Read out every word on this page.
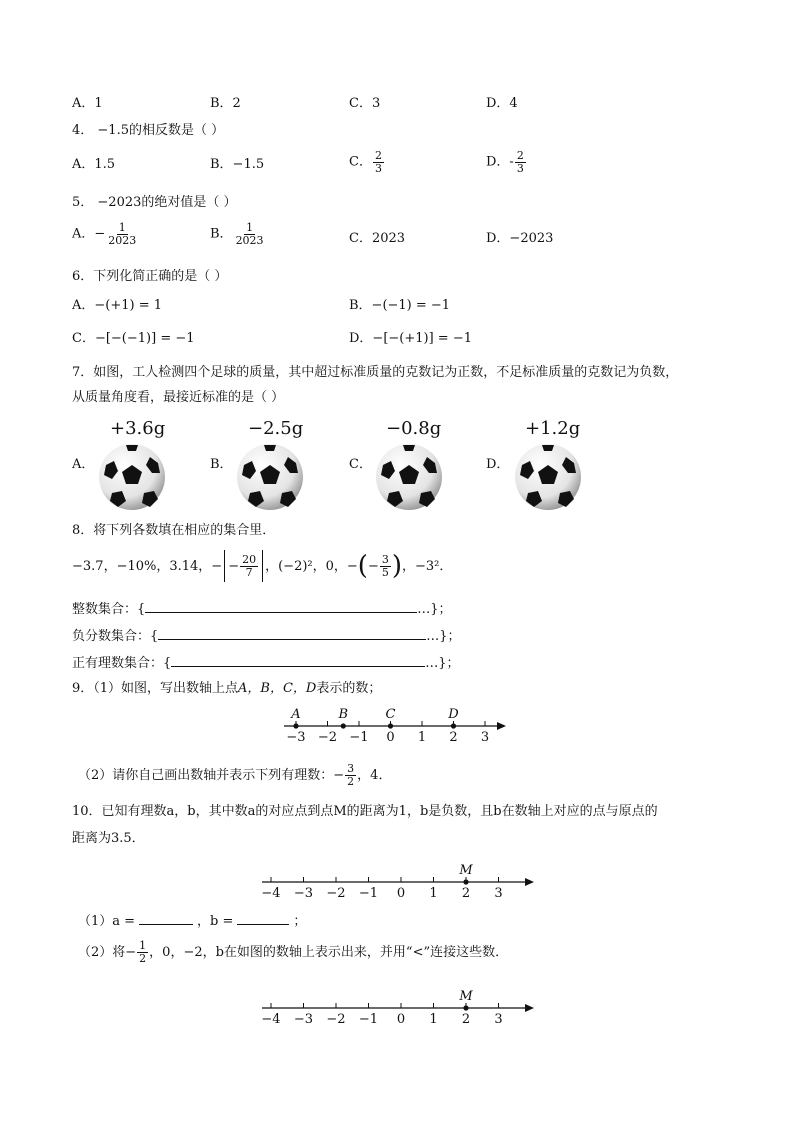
A．1	B．2	C．3	D．4
4． −1.5的相反数是（ ）
A．1.5	B．−1.5	C． $\frac{2}{3}$	D．- $\frac{2}{3}$
5． −2023的绝对值是（ ）
A．− $\frac{1}{2023}$	B． $\frac{1}{2023}$	C．2023	D．−2023
6．下列化简正确的是（ ）
A．−(+1) = 1	B．−(−1) = −1
C．−[−(−1)] = −1	D．−[−(+1)] = −1
7．如图，工人检测四个足球的质量，其中超过标准质量的克数记为正数，不足标准质量的克数记为负数，
从质量角度看，最接近标准的是（ ）
A．	B．	C．	D．
+3.6g	−2.5g	−0.8g	+1.2g
8．将下列各数填在相应的集合里．
−3.7，−10%，3.14，− − $\frac{20}{7}$ ，(−2)²，0，− ( − $\frac{3}{5}$ ) ，−3²．
整数集合：{	…}；
负分数集合：{	…}；
正有理数集合：{	…}；
9．（1）如图，写出数轴上点A，B，C，D表示的数；
−3 −2 −1 0 1 2 3
A	B	C	D
（2）请你自己画出数轴并表示下列有理数：− $\frac{3}{2}$ ，4．
10．已知有理数a，b，其中数a的对应点到点M的距离为1，b是负数，且b在数轴上对应的点与原点的
距离为3.5．
−4 −3 −2 −1 0 1 2 3
M
（1）a =	，b =	；
（2）将− $\frac{1}{2}$ ，0，−2，b在如图的数轴上表示出来，并用“<”连接这些数．
−4 −3 −2 −1 0 1 2 3
M
